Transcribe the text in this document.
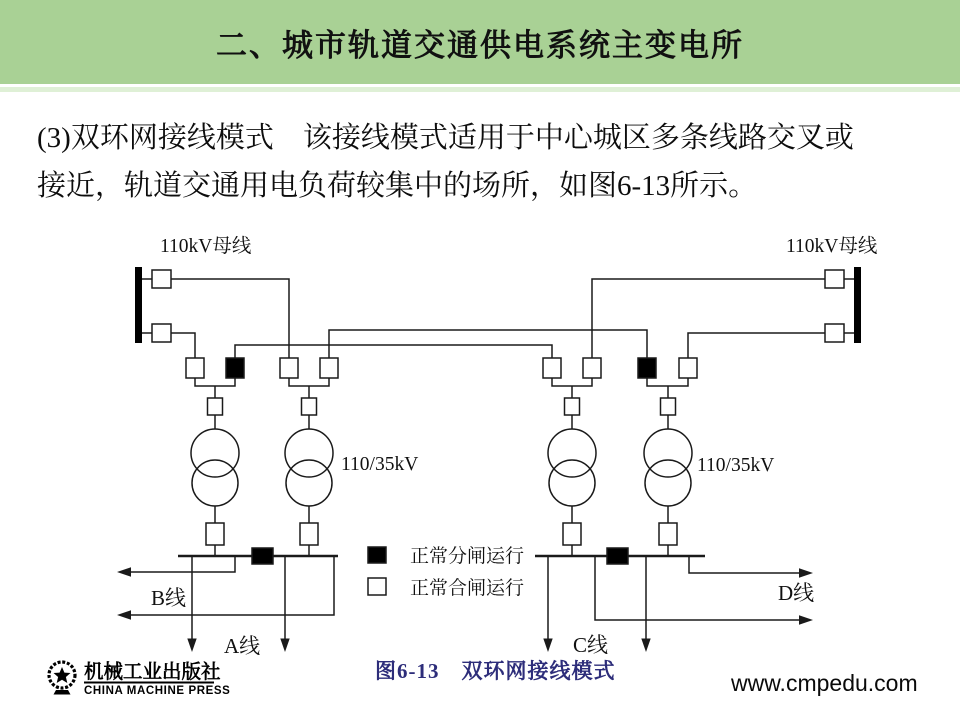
二、城市轨道交通供电系统主变电所
(3)双环网接线模式　该接线模式适用于中心城区多条线路交叉或
接近，轨道交通用电负荷较集中的场所，如图6-13所示。
110kV母线	110kV母线
110/35kV	110/35kV
B线
A线	C线
D线
正常分闸运行
正常合闸运行
机械工业出版社
CHINA MACHINE PRESS
图6-13　双环网接线模式	www.cmpedu.com
